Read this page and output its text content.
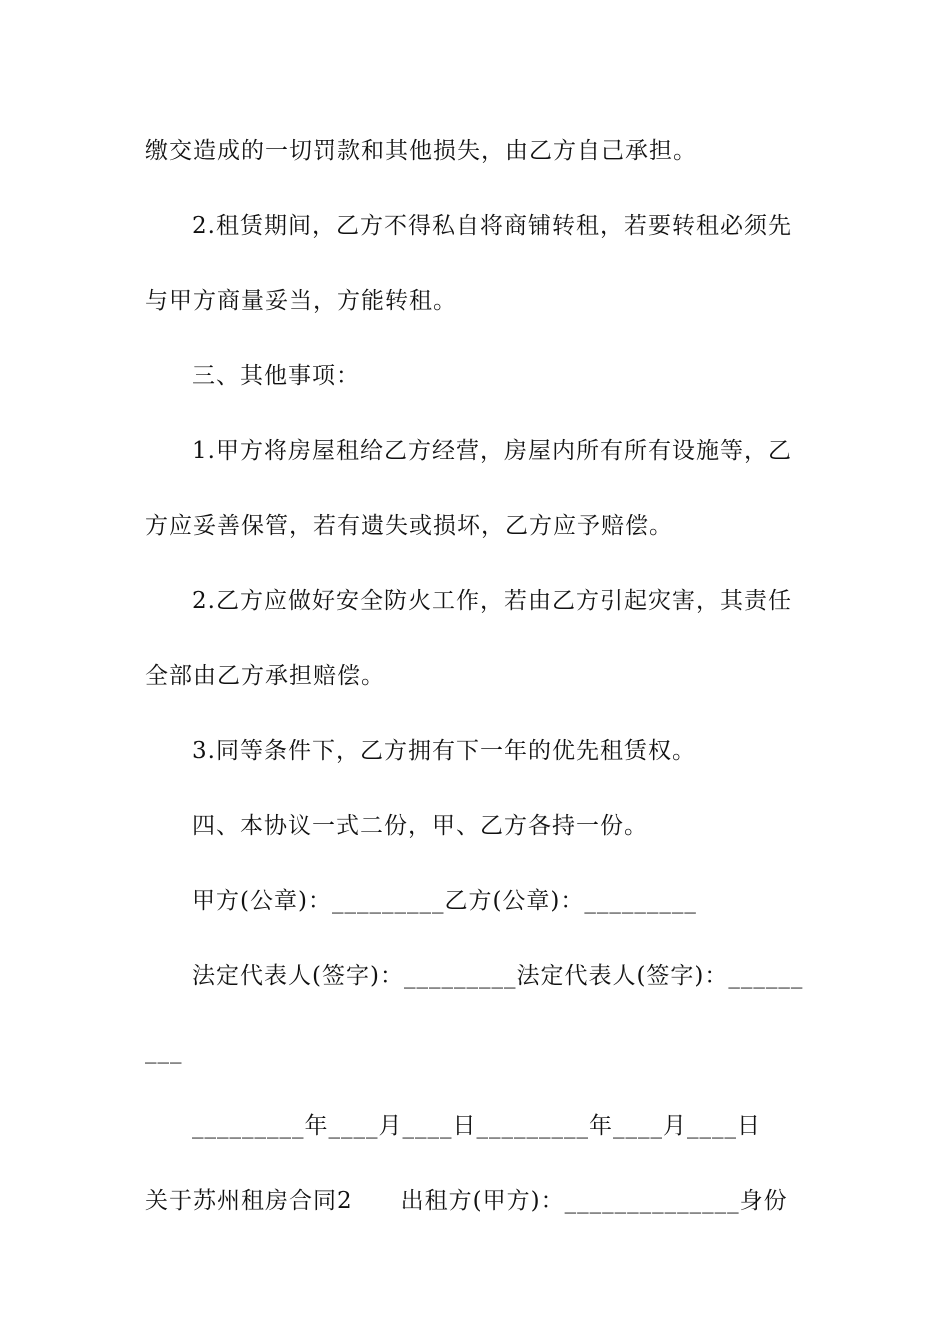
缴交造成的一切罚款和其他损失，由乙方自己承担。
2.租赁期间，乙方不得私自将商铺转租，若要转租必须先
与甲方商量妥当，方能转租。
三、其他事项：
1.甲方将房屋租给乙方经营，房屋内所有所有设施等，乙
方应妥善保管，若有遗失或损坏，乙方应予赔偿。
2.乙方应做好安全防火工作，若由乙方引起灾害，其责任
全部由乙方承担赔偿。
3.同等条件下，乙方拥有下一年的优先租赁权。
四、本协议一式二份，甲、乙方各持一份。
甲方(公章)：_________乙方(公章)：_________
法定代表人(签字)：_________法定代表人(签字)：______
___
_________年____月____日_________年____月____日
关于苏州租房合同2　　出租方(甲方)：______________身份
